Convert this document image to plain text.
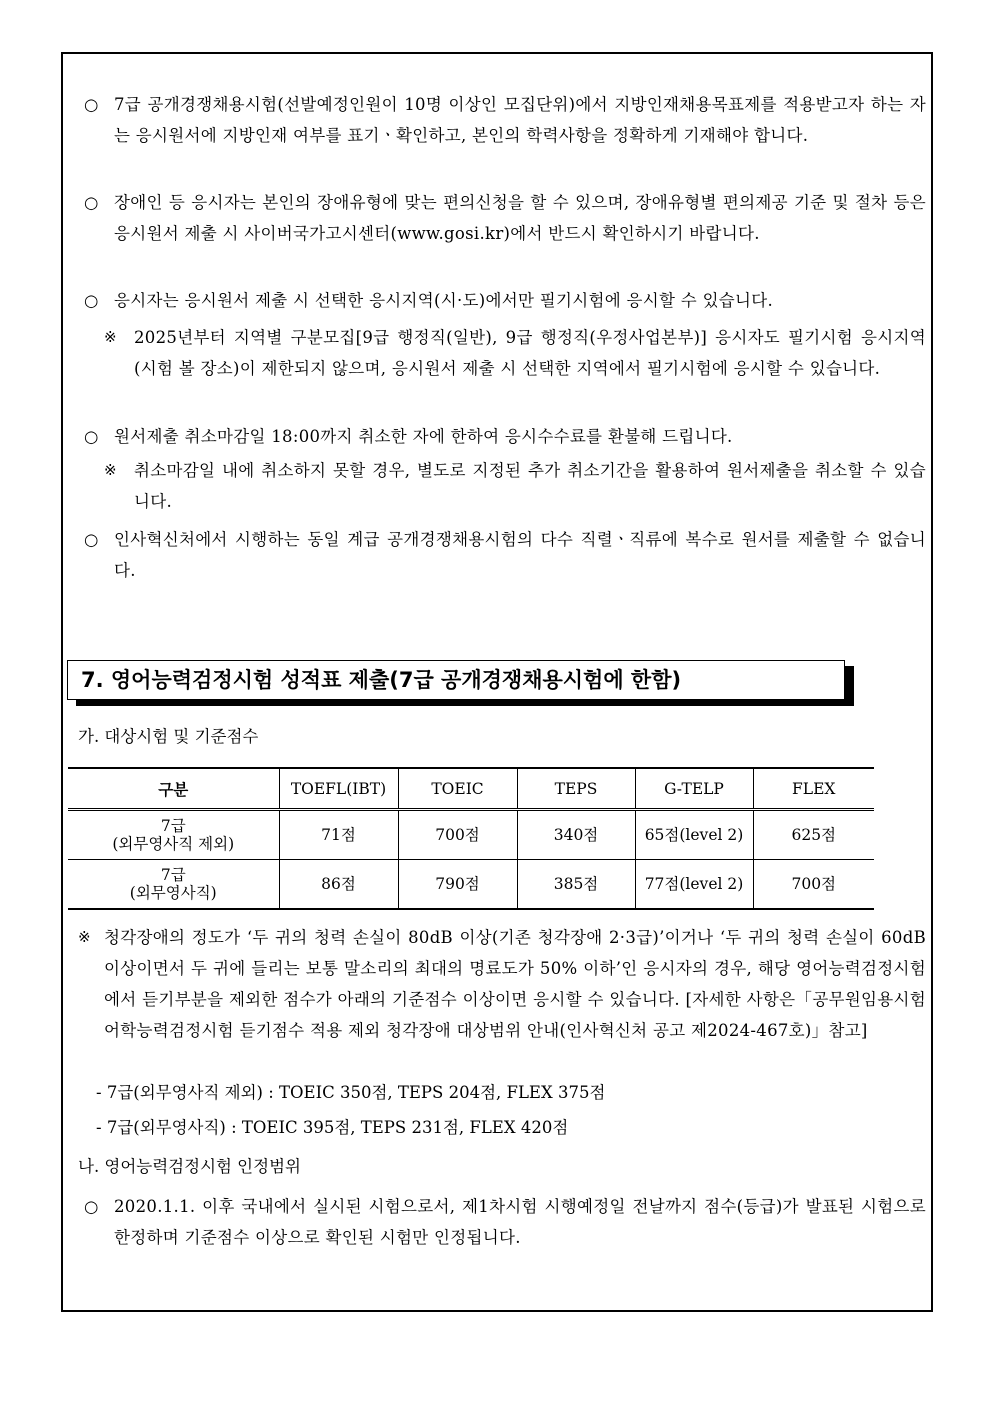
○ 7급 공개경쟁채용시험(선발예정인원이 10명 이상인 모집단위)에서 지방인재채용목표제를 적용받고자 하는 자는 응시원서에 지방인재 여부를 표기ㆍ확인하고, 본인의 학력사항을 정확하게 기재해야 합니다.
○ 장애인 등 응시자는 본인의 장애유형에 맞는 편의신청을 할 수 있으며, 장애유형별 편의제공 기준 및 절차 등은 응시원서 제출 시 사이버국가고시센터(www.gosi.kr)에서 반드시 확인하시기 바랍니다.
○ 응시자는 응시원서 제출 시 선택한 응시지역(시·도)에서만 필기시험에 응시할 수 있습니다.
※	2025년부터 지역별 구분모집[9급 행정직(일반), 9급 행정직(우정사업본부)] 응시자도 필기시험 응시지역(시험 볼 장소)이 제한되지 않으며, 응시원서 제출 시 선택한 지역에서 필기시험에 응시할 수 있습니다.
○ 원서제출 취소마감일 18:00까지 취소한 자에 한하여 응시수수료를 환불해 드립니다.
※	취소마감일 내에 취소하지 못할 경우, 별도로 지정된 추가 취소기간을 활용하여 원서제출을 취소할 수 있습니다.
○ 인사혁신처에서 시행하는 동일 계급 공개경쟁채용시험의 다수 직렬ㆍ직류에 복수로 원서를 제출할 수 없습니다.
7. 영어능력검정시험 성적표 제출(7급 공개경쟁채용시험에 한함)
가. 대상시험 및 기준점수
구분	TOEFL(IBT)	TOEIC	TEPS	G-TELP	FLEX

7급
(외무영사직 제외)	71점	700점	340점	65점(level 2)	625점

7급
(외무영사직)	86점	790점	385점	77점(level 2)	700점
※ 청각장애의 정도가 ‘두 귀의 청력 손실이 80dB 이상(기존 청각장애 2·3급)’이거나 ‘두 귀의 청력 손실이 60dB 이상이면서 두 귀에 들리는 보통 말소리의 최대의 명료도가 50% 이하’인 응시자의 경우, 해당 영어능력검정시험에서 듣기부분을 제외한 점수가 아래의 기준점수 이상이면 응시할 수 있습니다. [자세한 사항은「공무원임용시험 어학능력검정시험 듣기점수 적용 제외 청각장애 대상범위 안내(인사혁신처 공고 제2024-467호)」참고]
- 7급(외무영사직 제외) : TOEIC 350점, TEPS 204점, FLEX 375점
- 7급(외무영사직) : TOEIC 395점, TEPS 231점, FLEX 420점
나. 영어능력검정시험 인정범위
○ 2020.1.1. 이후 국내에서 실시된 시험으로서, 제1차시험 시행예정일 전날까지 점수(등급)가 발표된 시험으로 한정하며 기준점수 이상으로 확인된 시험만 인정됩니다.
